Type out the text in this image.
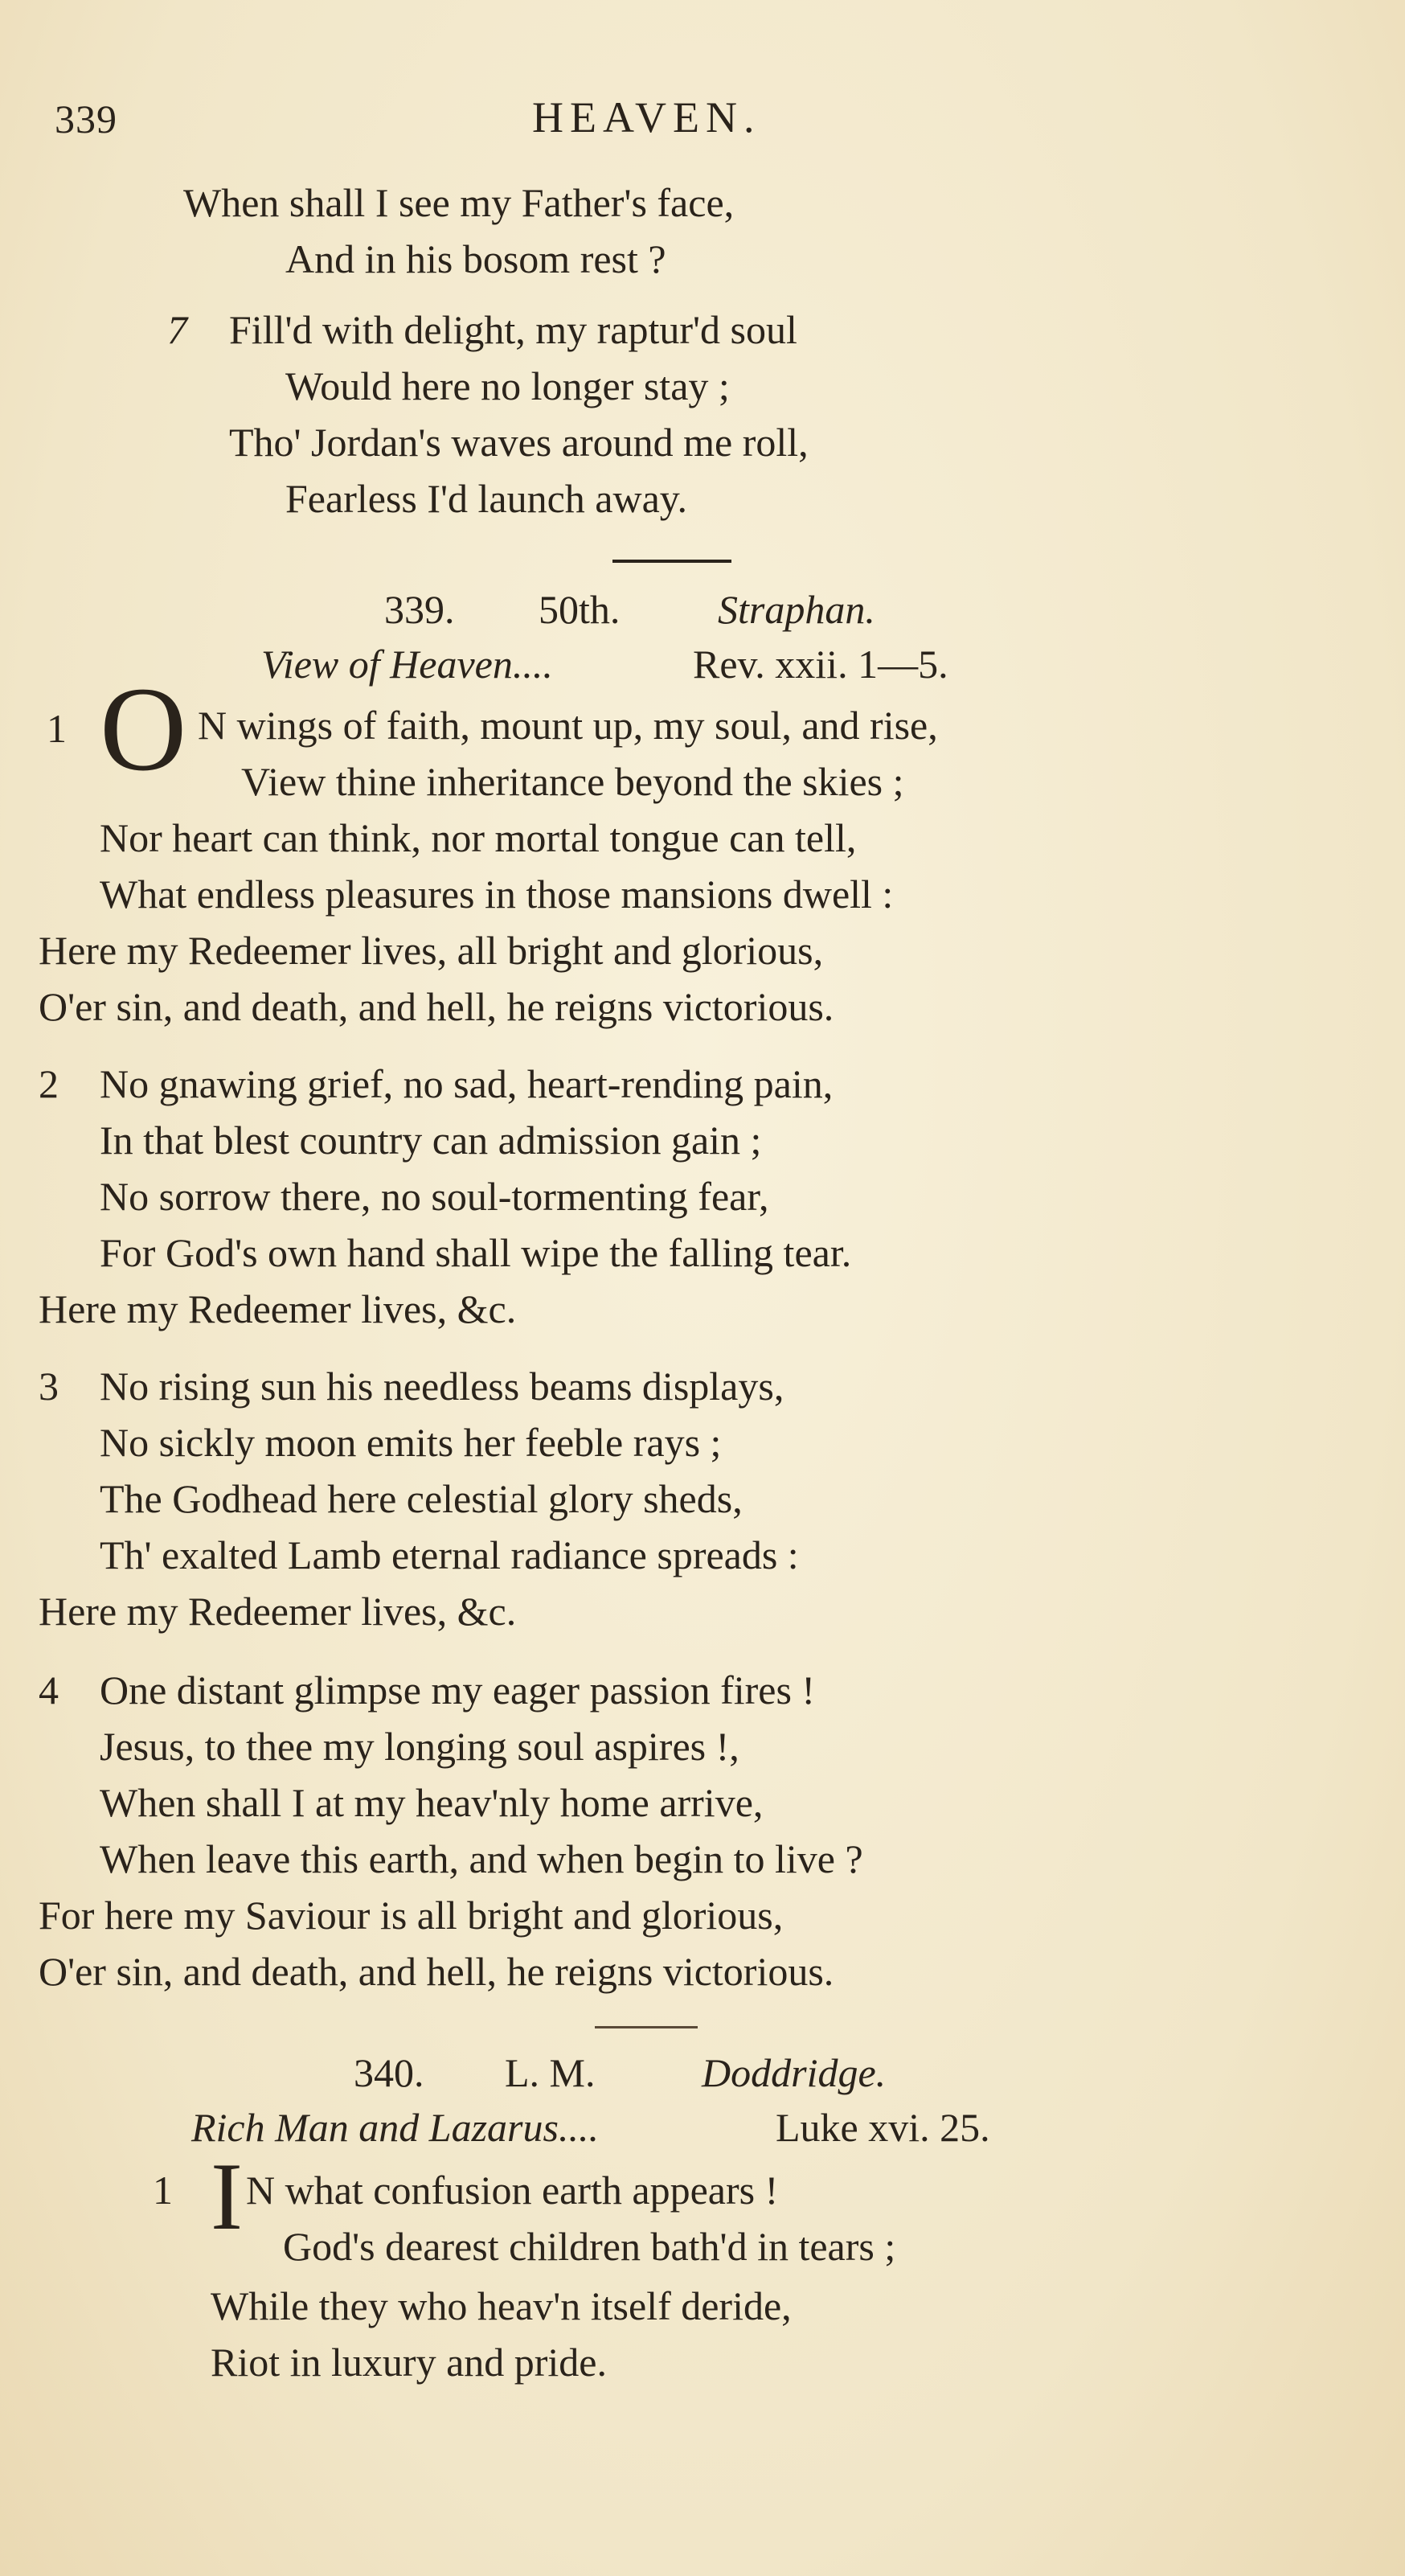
339	HEAVEN.
When shall I see my Father's face,
And in his bosom rest ?
7 Fill'd with delight, my raptur'd soul
Would here no longer stay ;
Tho' Jordan's waves around me roll,
Fearless I'd launch away.
339. 50th. Straphan.
View of Heaven....	Rev. xxii. 1—5.
1 O N wings of faith, mount up, my soul, and rise,
View thine inheritance beyond the skies ;
Nor heart can think, nor mortal tongue can tell,
What endless pleasures in those mansions dwell :
Here my Redeemer lives, all bright and glorious,
O'er sin, and death, and hell, he reigns victorious.
2 No gnawing grief, no sad, heart-rending pain,
In that blest country can admission gain ;
No sorrow there, no soul-tormenting fear,
For God's own hand shall wipe the falling tear.
Here my Redeemer lives, &c.
3 No rising sun his needless beams displays,
No sickly moon emits her feeble rays ;
The Godhead here celestial glory sheds,
Th' exalted Lamb eternal radiance spreads :
Here my Redeemer lives, &c.
4 One distant glimpse my eager passion fires !
Jesus, to thee my longing soul aspires !,
When shall I at my heav'nly home arrive,
When leave this earth, and when begin to live ?
For here my Saviour is all bright and glorious,
O'er sin, and death, and hell, he reigns victorious.
340. L. M.	Doddridge.
Rich Man and Lazarus....	Luke xvi. 25.
1 I N what confusion earth appears !
God's dearest children bath'd in tears ;
While they who heav'n itself deride,
Riot in luxury and pride.
